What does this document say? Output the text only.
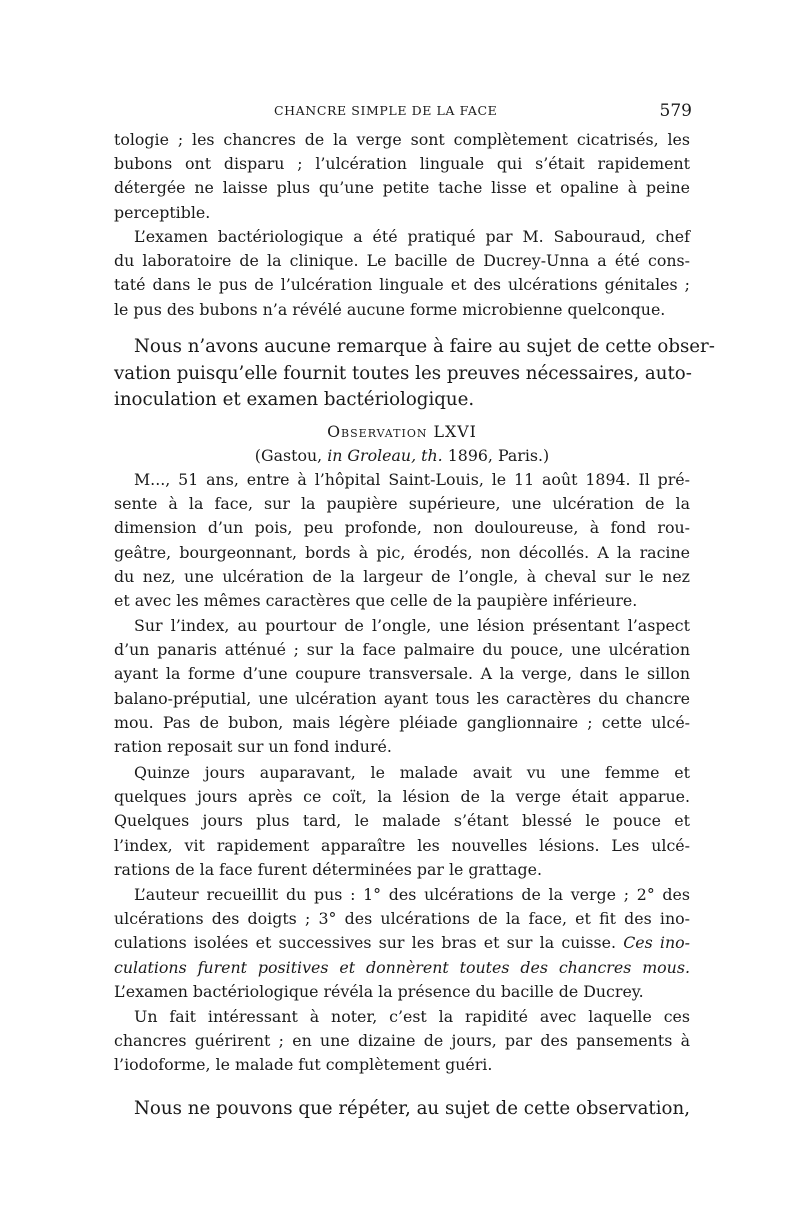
CHANCRE SIMPLE DE LA FACE	579
tologie ; les chancres de la verge sont complètement cicatrisés, les
bubons ont disparu ; l’ulcération linguale qui s’était rapidement
détergée ne laisse plus qu’une petite tache lisse et opaline à peine
perceptible.
L’examen bactériologique a été pratiqué par M. Sabouraud, chef
du laboratoire de la clinique. Le bacille de Ducrey-Unna a été cons-
taté dans le pus de l’ulcération linguale et des ulcérations génitales ;
le pus des bubons n’a révélé aucune forme microbienne quelconque.
Nous n’avons aucune remarque à faire au sujet de cette obser-
vation puisqu’elle fournit toutes les preuves nécessaires, auto-
inoculation et examen bactériologique.
Observation LXVI
(Gastou, in Groleau, th. 1896, Paris.)
M..., 51 ans, entre à l’hôpital Saint-Louis, le 11 août 1894. Il pré-
sente à la face, sur la paupière supérieure, une ulcération de la
dimension d’un pois, peu profonde, non douloureuse, à fond rou-
geâtre, bourgeonnant, bords à pic, érodés, non décollés. A la racine
du nez, une ulcération de la largeur de l’ongle, à cheval sur le nez
et avec les mêmes caractères que celle de la paupière inférieure.
Sur l’index, au pourtour de l’ongle, une lésion présentant l’aspect
d’un panaris atténué ; sur la face palmaire du pouce, une ulcération
ayant la forme d’une coupure transversale. A la verge, dans le sillon
balano-préputial, une ulcération ayant tous les caractères du chancre
mou. Pas de bubon, mais légère pléiade ganglionnaire ; cette ulcé-
ration reposait sur un fond induré.
Quinze jours auparavant, le malade avait vu une femme et
quelques jours après ce coït, la lésion de la verge était apparue.
Quelques jours plus tard, le malade s’étant blessé le pouce et
l’index, vit rapidement apparaître les nouvelles lésions. Les ulcé-
rations de la face furent déterminées par le grattage.
L’auteur recueillit du pus : 1° des ulcérations de la verge ; 2° des
ulcérations des doigts ; 3° des ulcérations de la face, et fit des ino-
culations isolées et successives sur les bras et sur la cuisse. Ces ino-
culations furent positives et donnèrent toutes des chancres mous.
L’examen bactériologique révéla la présence du bacille de Ducrey.
Un fait intéressant à noter, c’est la rapidité avec laquelle ces
chancres guérirent ; en une dizaine de jours, par des pansements à
l’iodoforme, le malade fut complètement guéri.
Nous ne pouvons que répéter, au sujet de cette observation,
